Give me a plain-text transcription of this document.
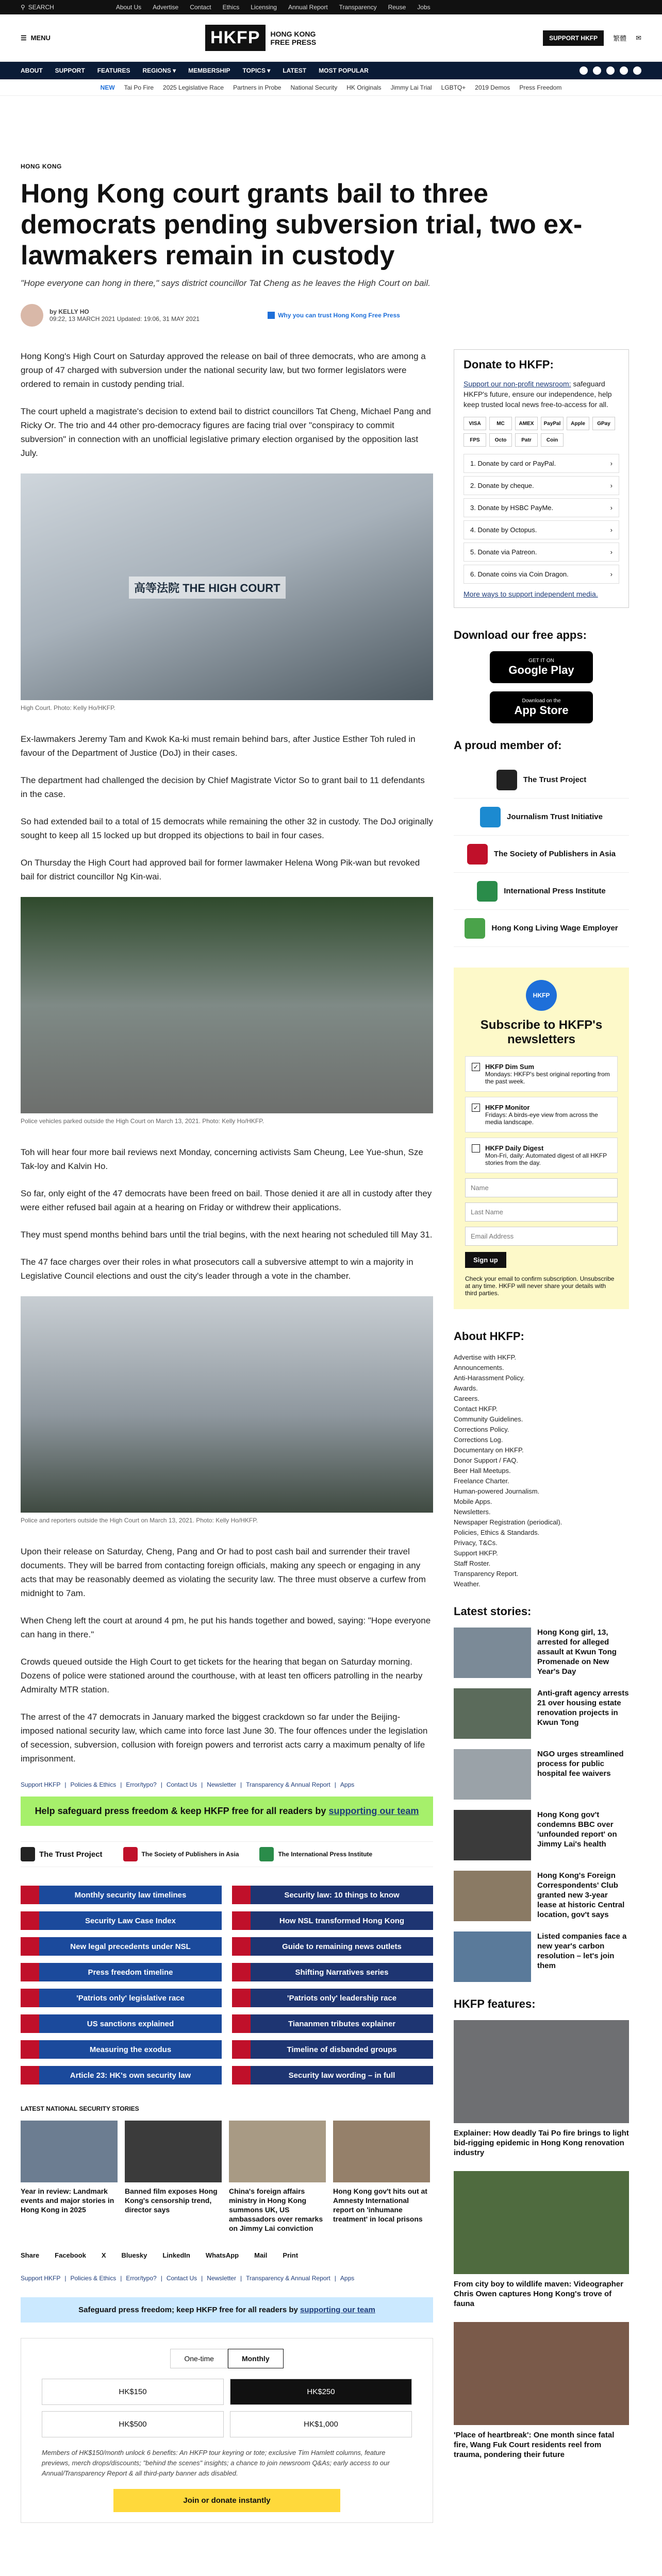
⚲ SEARCH	About Us Advertise Contact Ethics Licensing Annual Report Transparency Reuse Jobs
☰ MENU	HKFP	HONG KONG
FREE PRESS	SUPPORT HKFP	繁體 ✉
ABOUT SUPPORT FEATURES REGIONS ▾ MEMBERSHIP TOPICS ▾ LATEST MOST POPULAR
NEW Tai Po Fire 2025 Legislative Race Partners in Probe National Security HK Originals Jimmy Lai Trial LGBTQ+ 2019 Demos Press Freedom
HONG KONG
Hong Kong court grants bail to three democrats pending subversion trial, two ex-lawmakers remain in custody
"Hope everyone can hong in there," says district councillor Tat Cheng as he leaves the High Court on bail.
by KELLY HO
09:22, 13 MARCH 2021 Updated: 19:06, 31 MAY 2021	Why you can trust Hong Kong Free Press

Hong Kong's High Court on Saturday approved the release on bail of three democrats, who are among a group of 47 charged with subversion under the national security law, but two former legislators were ordered to remain in custody pending trial.

The court upheld a magistrate's decision to extend bail to district councillors Tat Cheng, Michael Pang and Ricky Or. The trio and 44 other pro-democracy figures are facing trial over "conspiracy to commit subversion" in connection with an unofficial legislative primary election organised by the opposition last July.

高等法院 THE HIGH COURT
High Court. Photo: Kelly Ho/HKFP.

Ex-lawmakers Jeremy Tam and Kwok Ka-ki must remain behind bars, after Justice Esther Toh ruled in favour of the Department of Justice (DoJ) in their cases.

The department had challenged the decision by Chief Magistrate Victor So to grant bail to 11 defendants in the case.

So had extended bail to a total of 15 democrats while remaining the other 32 in custody. The DoJ originally sought to keep all 15 locked up but dropped its objections to bail in four cases.

On Thursday the High Court had approved bail for former lawmaker Helena Wong Pik-wan but revoked bail for district councillor Ng Kin-wai.

Police vehicles parked outside the High Court on March 13, 2021. Photo: Kelly Ho/HKFP.

Toh will hear four more bail reviews next Monday, concerning activists Sam Cheung, Lee Yue-shun, Sze Tak-loy and Kalvin Ho.

So far, only eight of the 47 democrats have been freed on bail. Those denied it are all in custody after they were either refused bail again at a hearing on Friday or withdrew their applications.

They must spend months behind bars until the trial begins, with the next hearing not scheduled till May 31.

The 47 face charges over their roles in what prosecutors call a subversive attempt to win a majority in Legislative Council elections and oust the city's leader through a vote in the chamber.

Police and reporters outside the High Court on March 13, 2021. Photo: Kelly Ho/HKFP.

Upon their release on Saturday, Cheng, Pang and Or had to post cash bail and surrender their travel documents. They will be barred from contacting foreign officials, making any speech or engaging in any acts that may be reasonably deemed as violating the security law. The three must observe a curfew from midnight to 7am.

When Cheng left the court at around 4 pm, he put his hands together and bowed, saying: "Hope everyone can hang in there."

Crowds queued outside the High Court to get tickets for the hearing that began on Saturday morning. Dozens of police were stationed around the courthouse, with at least ten officers patrolling in the nearby Admiralty MTR station.

The arrest of the 47 democrats in January marked the biggest crackdown so far under the Beijing-imposed national security law, which came into force last June 30. The four offences under the legislation of secession, subversion, collusion with foreign powers and terrorist acts carry a maximum penalty of life imprisonment.

Support HKFP | Policies & Ethics | Error/typo? | Contact Us | Newsletter | Transparency & Annual Report | Apps
Help safeguard press freedom & keep HKFP free for all readers by supporting our team
The Trust Project	The Society of Publishers in Asia	The International Press Institute
Monthly security law timelines	Security law: 10 things to know
Security Law Case Index	How NSL transformed Hong Kong
New legal precedents under NSL	Guide to remaining news outlets
Press freedom timeline	Shifting Narratives series
'Patriots only' legislative race	'Patriots only' leadership race
US sanctions explained	Tiananmen tributes explainer
Measuring the exodus	Timeline of disbanded groups
Article 23: HK's own security law	Security law wording – in full
LATEST NATIONAL SECURITY STORIES
Year in review: Landmark events and major stories in Hong Kong in 2025
Banned film exposes Hong Kong's censorship trend, director says
China's foreign affairs ministry in Hong Kong summons UK, US ambassadors over remarks on Jimmy Lai conviction
Hong Kong gov't hits out at Amnesty International report on 'inhumane treatment' in local prisons
Share Facebook X Bluesky LinkedIn WhatsApp Mail Print
Support HKFP | Policies & Ethics | Error/typo? | Contact Us | Newsletter | Transparency & Annual Report | Apps
Safeguard press freedom; keep HKFP free for all readers by supporting our team
One-time	Monthly
HK$150	HK$250
HK$500	HK$1,000
Members of HK$150/month unlock 6 benefits: An HKFP tour keyring or tote; exclusive Tim Hamlett columns, feature previews, merch drops/discounts; "behind the scenes" insights; a chance to join newsroom Q&As; early access to our Annual/Transparency Report & all third-party banner ads disabled.
Join or donate instantly
Donate to HKFP:
Support our non-profit newsroom: safeguard HKFP's future, ensure our independence, help keep trusted local news free-to-access for all.
VISA	MC	AMEX	PayPal	Apple	GPay
FPS	Octo	Patr	Coin
1. Donate by card or PayPal.	›
2. Donate by cheque.	›
3. Donate by HSBC PayMe.	›
4. Donate by Octopus.	›
5. Donate via Patreon.	›
6. Donate coins via Coin Dragon.	›
More ways to support independent media.
Download our free apps:
GET IT ON
Google Play
Download on the
App Store
A proud member of:
The Trust Project
Journalism Trust Initiative
The Society of Publishers in Asia
International Press Institute
Hong Kong Living Wage Employer
HKFP
Subscribe to HKFP's newsletters
✓ HKFP Dim Sum
Mondays: HKFP's best original reporting from the past week.
✓ HKFP Monitor
Fridays: A birds-eye view from across the media landscape.
HKFP Daily Digest
Mon-Fri, daily: Automated digest of all HKFP stories from the day.
Name
Last Name
Email Address
Sign up
Check your email to confirm subscription. Unsubscribe at any time. HKFP will never share your details with third parties.
About HKFP:
Advertise with HKFP.
Announcements.
Anti-Harassment Policy.
Awards.
Careers.
Contact HKFP.
Community Guidelines.
Corrections Policy.
Corrections Log.
Documentary on HKFP.
Donor Support / FAQ.
Beer Hall Meetups.
Freelance Charter.
Human-powered Journalism.
Mobile Apps.
Newsletters.
Newspaper Registration (periodical).
Policies, Ethics & Standards.
Privacy, T&Cs.
Support HKFP.
Staff Roster.
Transparency Report.
Weather.
Latest stories:
Hong Kong girl, 13, arrested for alleged assault at Kwun Tong Promenade on New Year's Day
Anti-graft agency arrests 21 over housing estate renovation projects in Kwun Tong
NGO urges streamlined process for public hospital fee waivers
Hong Kong gov't condemns BBC over 'unfounded report' on Jimmy Lai's health
Hong Kong's Foreign Correspondents' Club granted new 3-year lease at historic Central location, gov't says
Listed companies face a new year's carbon resolution – let's join them
HKFP features:
Explainer: How deadly Tai Po fire brings to light bid-rigging epidemic in Hong Kong renovation industry
From city boy to wildlife maven: Videographer Chris Owen captures Hong Kong's trove of fauna
'Place of heartbreak': One month since fatal fire, Wang Fuk Court residents reel from trauma, pondering their future
